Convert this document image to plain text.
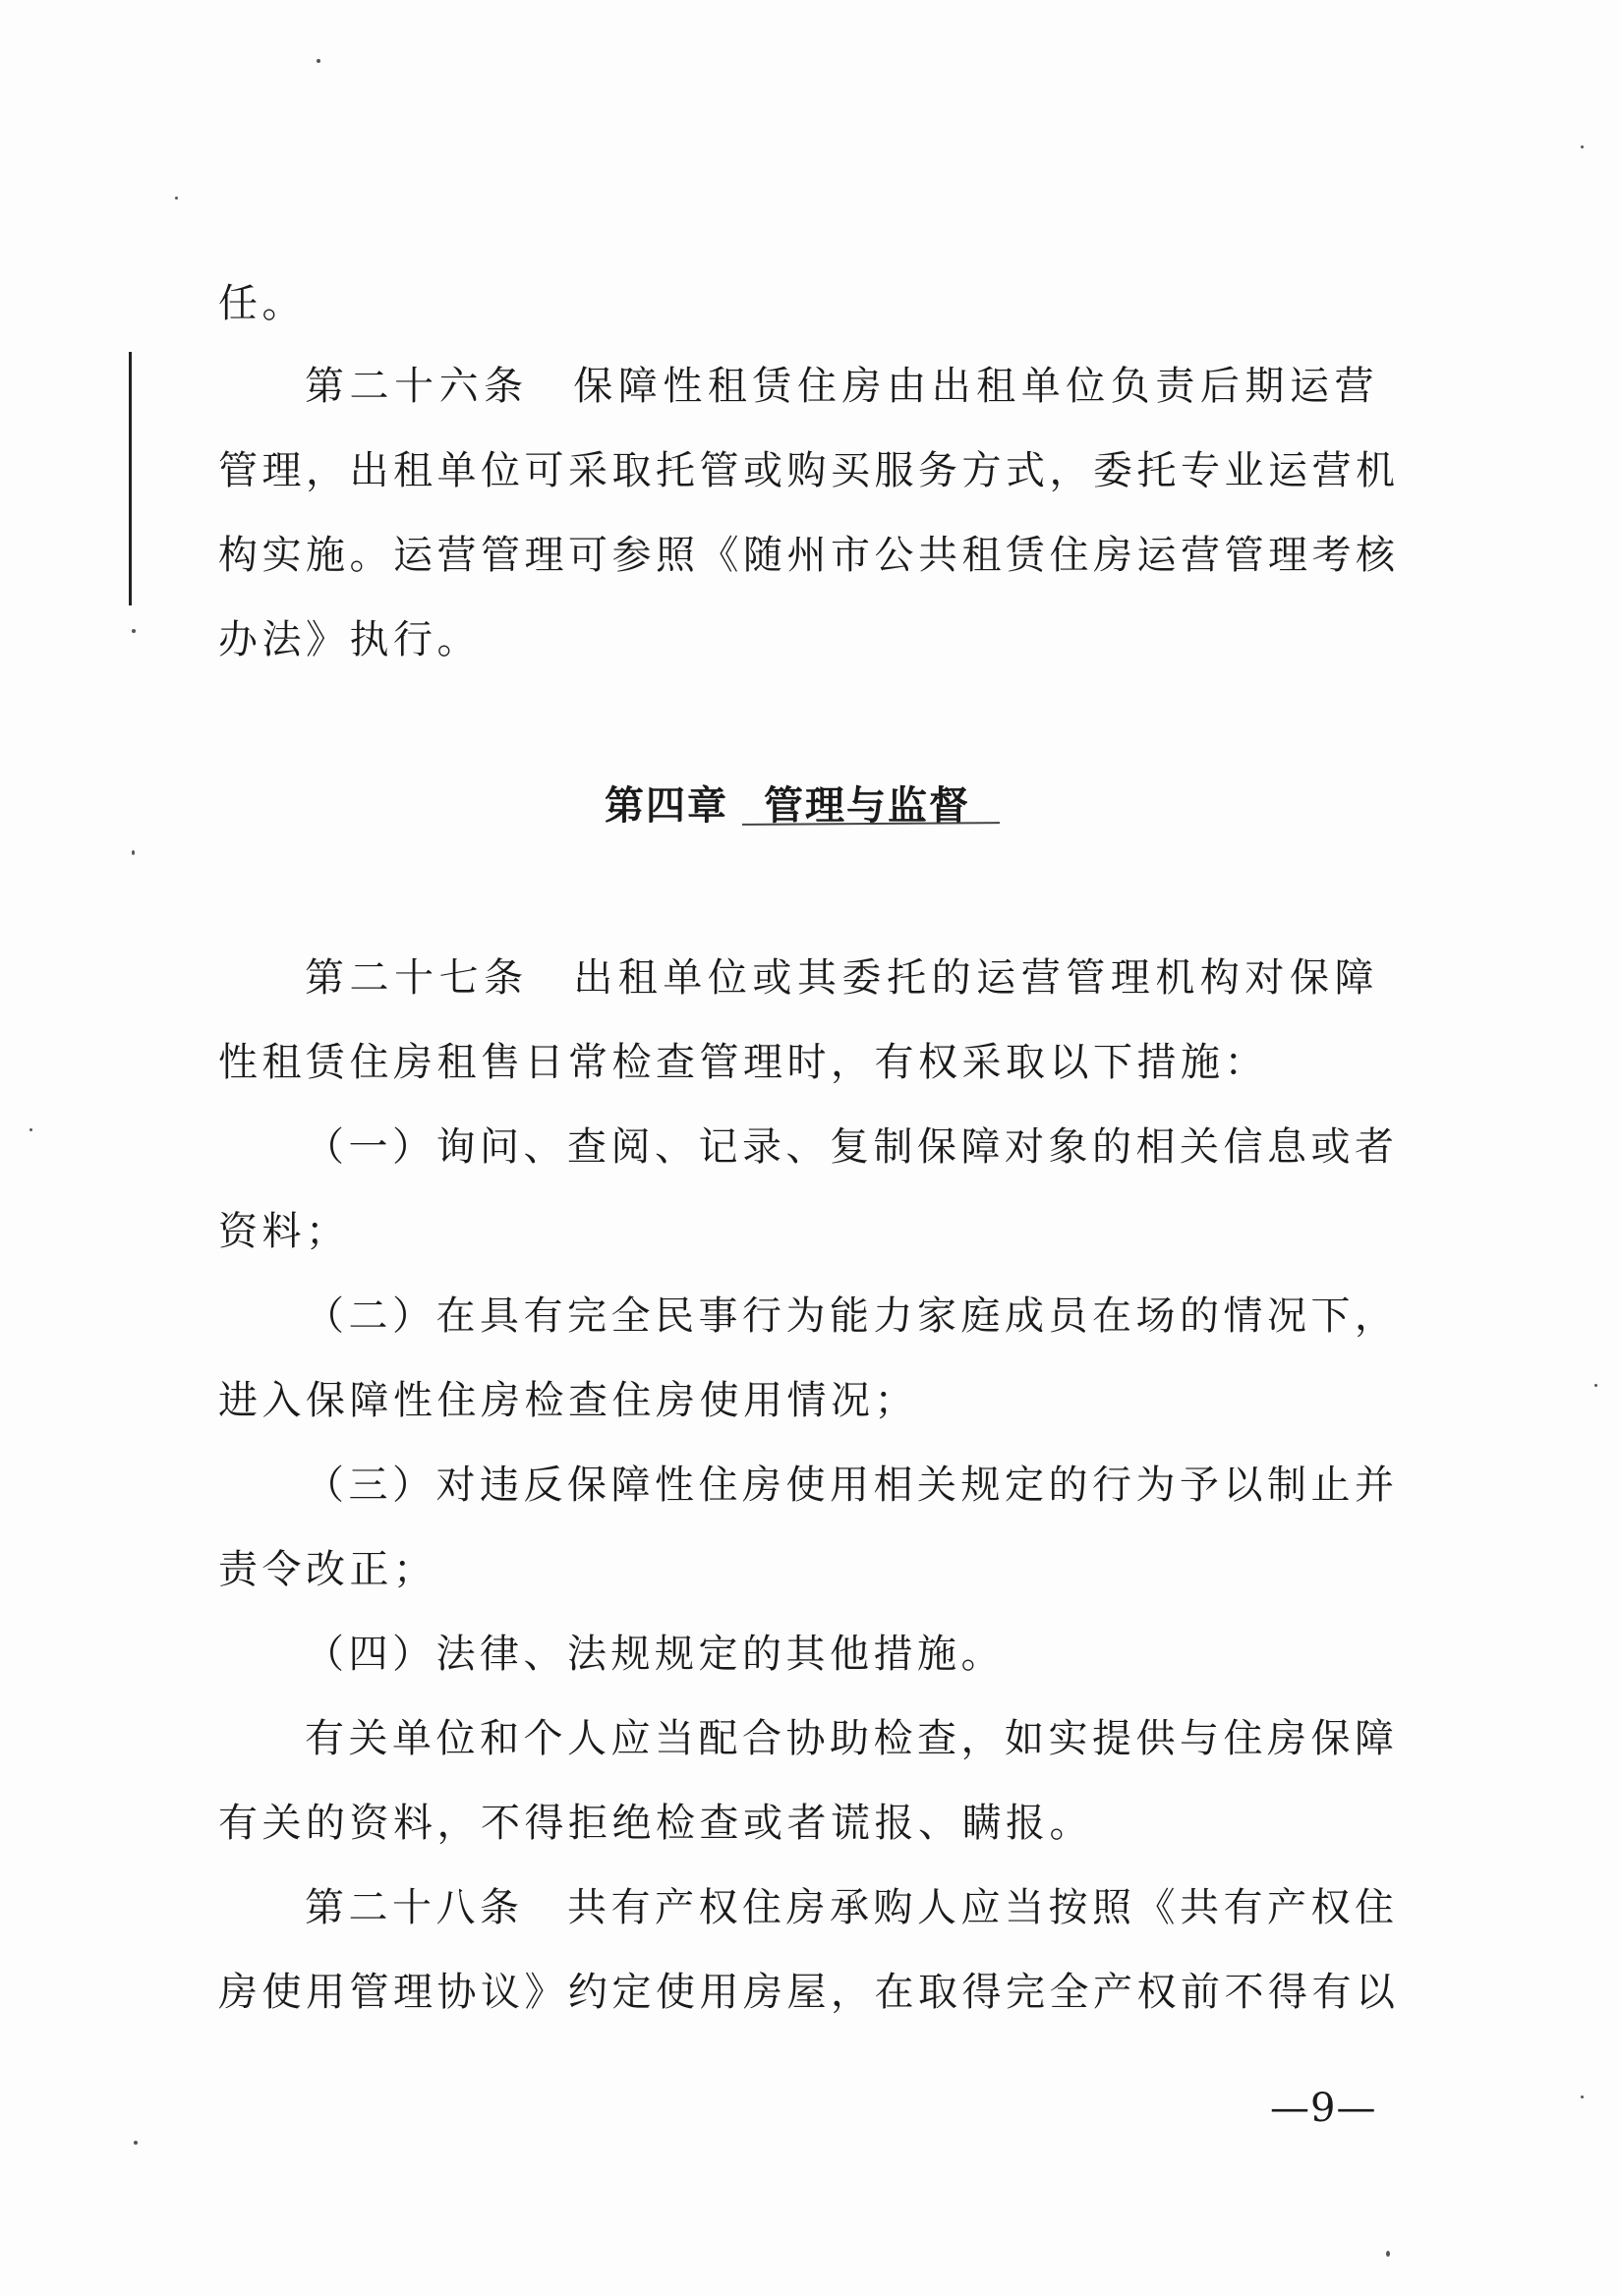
任。
第二十六条　保障性租赁住房由出租单位负责后期运营
管理，出租单位可采取托管或购买服务方式，委托专业运营机
构实施。运营管理可参照《随州市公共租赁住房运营管理考核
办法》执行。
第四章 管理与监督
第二十七条　出租单位或其委托的运营管理机构对保障
性租赁住房租售日常检查管理时，有权采取以下措施：
（一）询问、查阅、记录、复制保障对象的相关信息或者
资料；
（二）在具有完全民事行为能力家庭成员在场的情况下，
进入保障性住房检查住房使用情况；
（三）对违反保障性住房使用相关规定的行为予以制止并
责令改正；
（四）法律、法规规定的其他措施。
有关单位和个人应当配合协助检查，如实提供与住房保障
有关的资料，不得拒绝检查或者谎报、瞒报。
第二十八条　共有产权住房承购人应当按照《共有产权住
房使用管理协议》约定使用房屋，在取得完全产权前不得有以
—9—
